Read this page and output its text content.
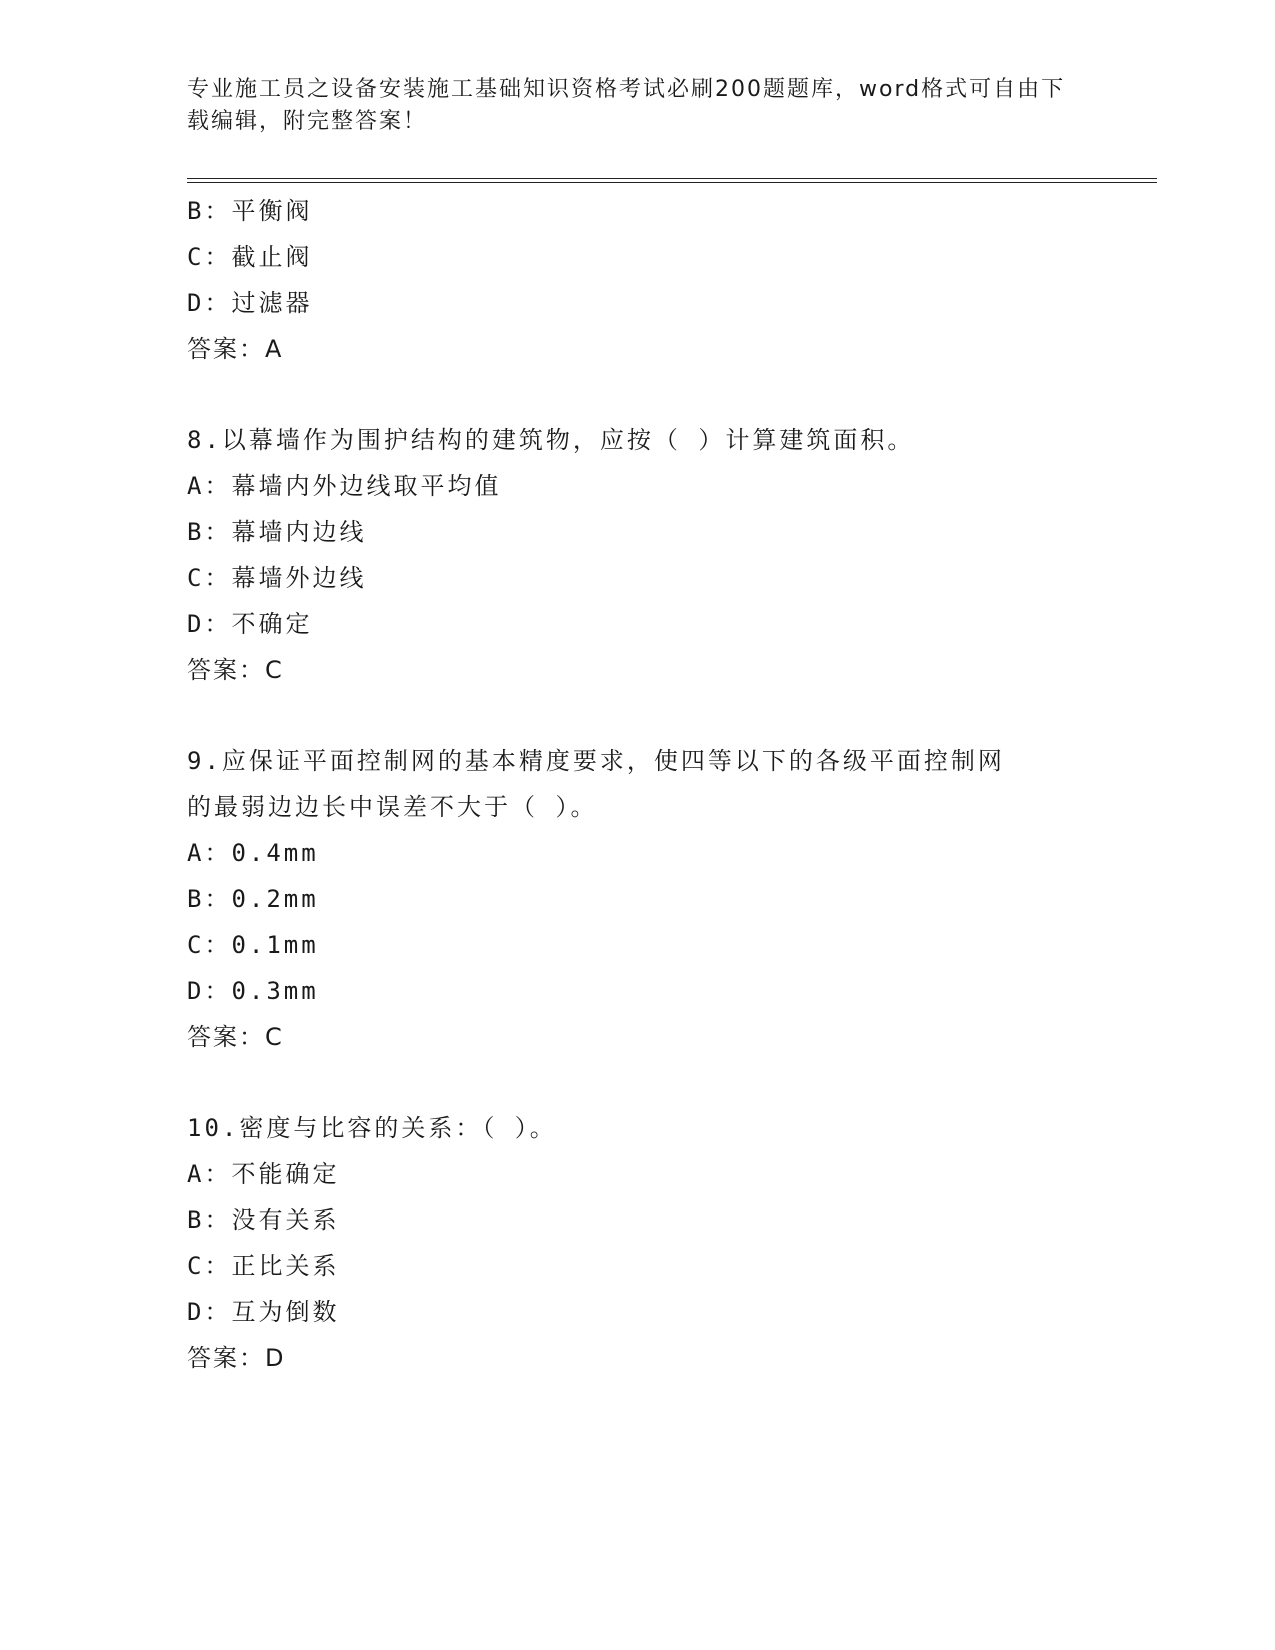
专业施工员之设备安装施工基础知识资格考试必刷200题题库，word格式可自由下载编辑，附完整答案！
B：平衡阀
C：截止阀
D：过滤器
答案：A
8.以幕墙作为围护结构的建筑物，应按（ ）计算建筑面积。
A：幕墙内外边线取平均值
B：幕墙内边线
C：幕墙外边线
D：不确定
答案：C
9.应保证平面控制网的基本精度要求，使四等以下的各级平面控制网
的最弱边边长中误差不大于（ ）。
A：0.4mm
B：0.2mm
C：0.1mm
D：0.3mm
答案：C
10.密度与比容的关系：（ ）。
A：不能确定
B：没有关系
C：正比关系
D：互为倒数
答案：D
